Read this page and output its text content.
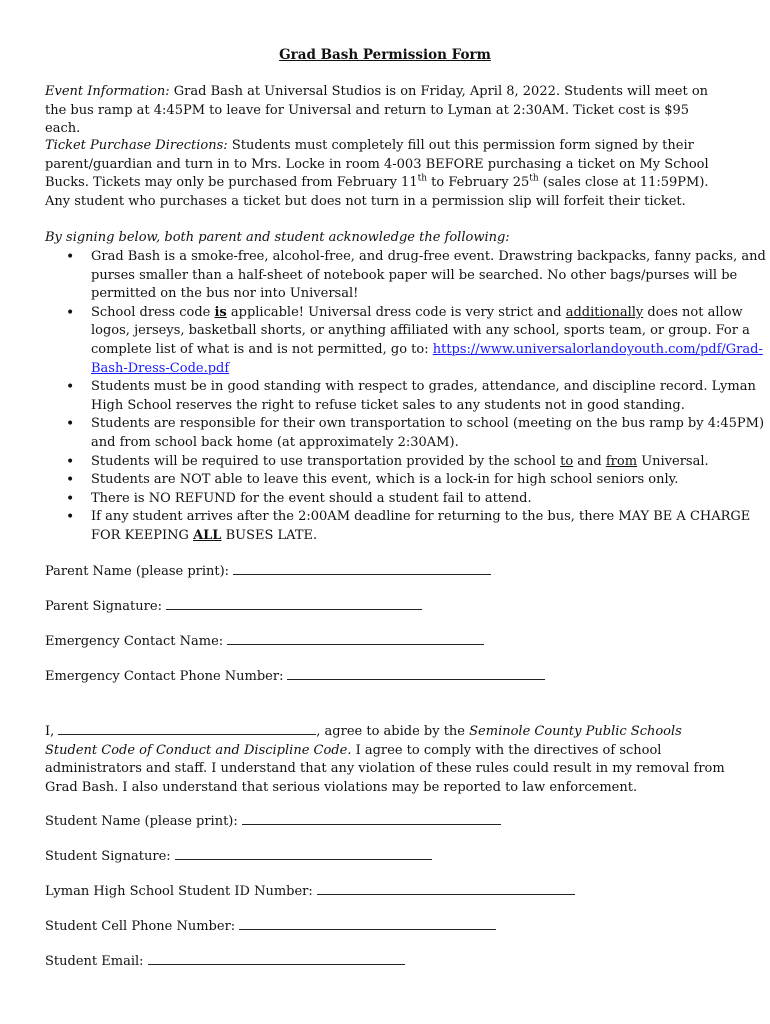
Grad Bash Permission Form

Event Information: Grad Bash at Universal Studios is on Friday, April 8, 2022. Students will meet on the bus ramp at 4:45PM to leave for Universal and return to Lyman at 2:30AM. Ticket cost is $95 each.

Ticket Purchase Directions: Students must completely fill out this permission form signed by their parent/guardian and turn in to Mrs. Locke in room 4-003 BEFORE purchasing a ticket on My School Bucks. Tickets may only be purchased from February 11th to February 25th (sales close at 11:59PM). Any student who purchases a ticket but does not turn in a permission slip will forfeit their ticket.

By signing below, both parent and student acknowledge the following:

• Grad Bash is a smoke-free, alcohol-free, and drug-free event. Drawstring backpacks, fanny packs, and purses smaller than a half-sheet of notebook paper will be searched. No other bags/purses will be permitted on the bus nor into Universal!
• School dress code is applicable! Universal dress code is very strict and additionally does not allow logos, jerseys, basketball shorts, or anything affiliated with any school, sports team, or group. For a complete list of what is and is not permitted, go to: https://www.universalorlandoyouth.com/pdf/Grad-Bash-Dress-Code.pdf
• Students must be in good standing with respect to grades, attendance, and discipline record. Lyman High School reserves the right to refuse ticket sales to any students not in good standing.
• Students are responsible for their own transportation to school (meeting on the bus ramp by 4:45PM) and from school back home (at approximately 2:30AM).
• Students will be required to use transportation provided by the school to and from Universal.
• Students are NOT able to leave this event, which is a lock-in for high school seniors only.
• There is NO REFUND for the event should a student fail to attend.
• If any student arrives after the 2:00AM deadline for returning to the bus, there MAY BE A CHARGE FOR KEEPING ALL BUSES LATE.
Parent Name (please print):
Parent Signature:
Emergency Contact Name:
Emergency Contact Phone Number:

I,	, agree to abide by the Seminole County Public Schools Student Code of Conduct and Discipline Code. I agree to comply with the directives of school administrators and staff. I understand that any violation of these rules could result in my removal from Grad Bash. I also understand that serious violations may be reported to law enforcement.

Student Name (please print):
Student Signature:
Lyman High School Student ID Number:
Student Cell Phone Number:
Student Email:
